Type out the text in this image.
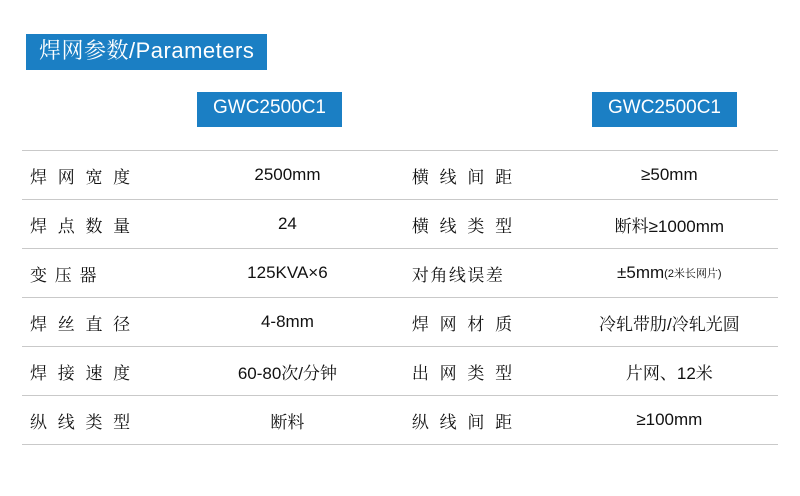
焊网参数/Parameters
GWC2500C1	GWC2500C1
焊 网 宽 度	2500mm	横 线 间 距	≥50mm
焊 点 数 量	24	横 线 类 型	断料≥1000mm
变 压 器	125KVA×6	对角线误差	±5mm (2米长网片)
焊 丝 直 径	4-8mm	焊 网 材 质	冷轧带肋/冷轧光圆
焊 接 速 度	60-80次/分钟	出 网 类 型	片网、12米
纵 线 类 型	断料	纵 线 间 距	≥100mm
